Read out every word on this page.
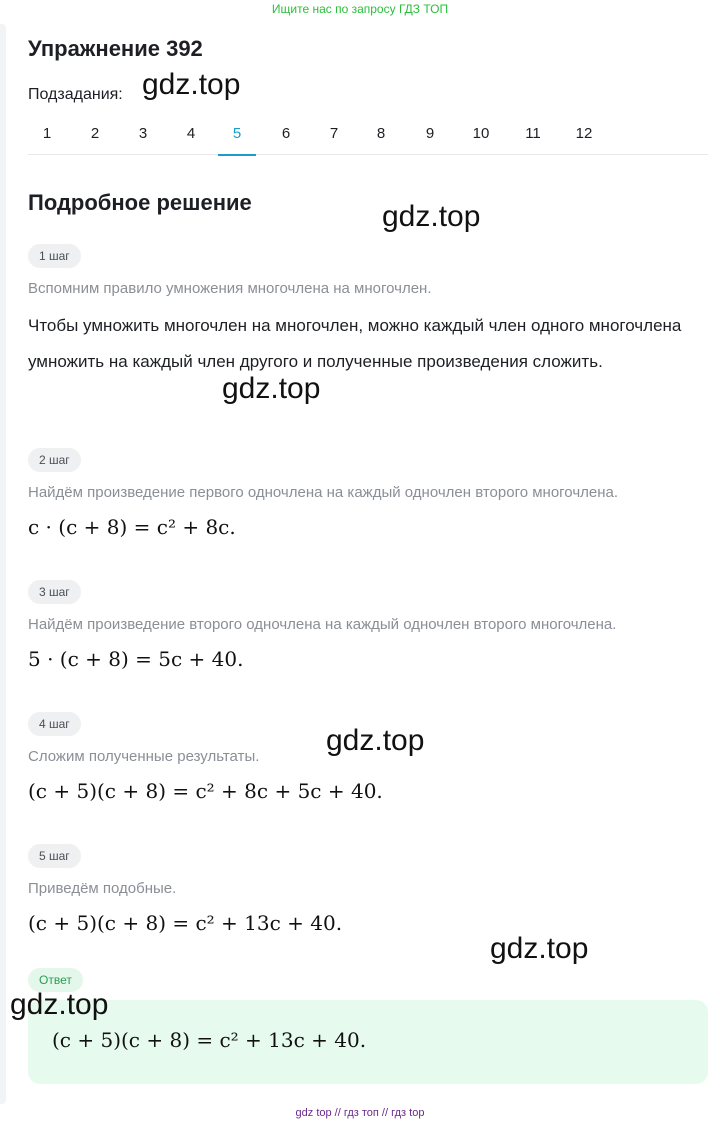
Ищите нас по запросу ГДЗ ТОП
Упражнение 392
Подзадания: gdz.top
1	2	3	4	5	6	7	8	9	10	11	12
Подробное решение	gdz.top
1 шаг
Вспомним правило умножения многочлена на многочлен.
Чтобы умножить многочлен на многочлен, можно каждый член одного многочлена умножить на каждый член другого и полученные произведения сложить.
gdz.top
2 шаг
Найдём произведение первого одночлена на каждый одночлен второго многочлена.
c · (c + 8) = c² + 8c.
3 шаг
Найдём произведение второго одночлена на каждый одночлен второго многочлена.
5 · (c + 8) = 5c + 40.
4 шаг	gdz.top
Сложим полученные результаты.
(c + 5)(c + 8) = c² + 8c + 5c + 40.
5 шаг
Приведём подобные.
(c + 5)(c + 8) = c² + 13c + 40.
gdz.top
Ответ
(c + 5)(c + 8) = c² + 13c + 40.
gdz.top
gdz top // гдз топ // гдз top
